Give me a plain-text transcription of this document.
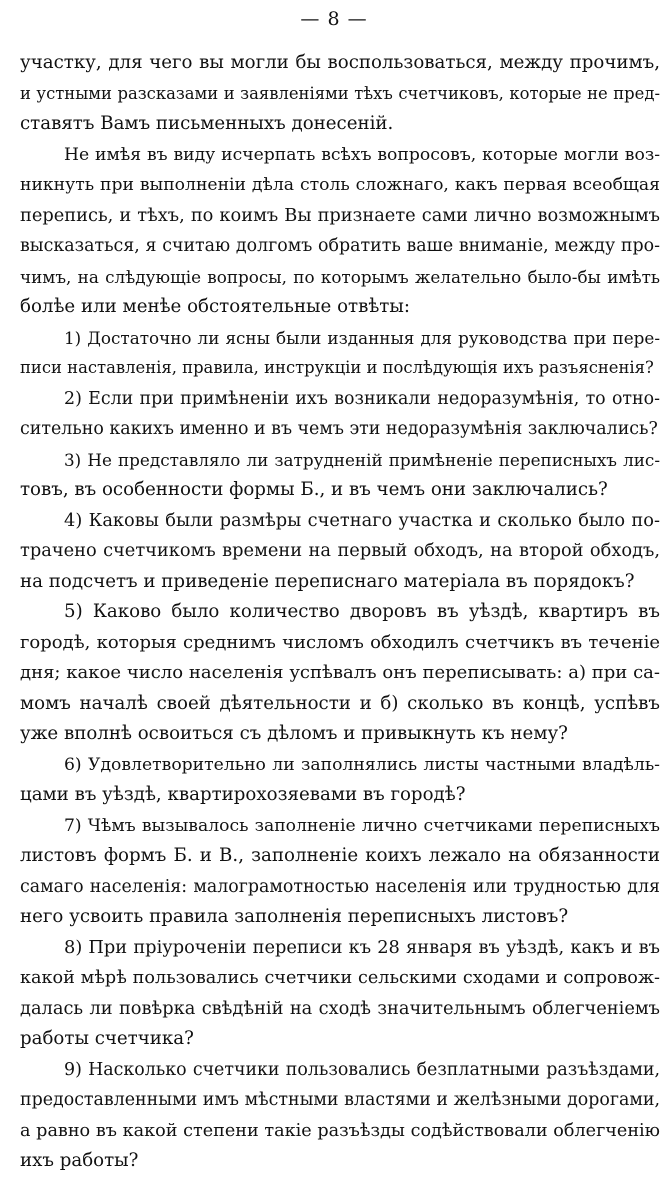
— 8 —
участку, для чего вы могли бы воспользоваться, между прочимъ,
и устными разсказами и заявленiями тѣхъ счетчиковъ, которые не пред-
ставятъ Вамъ письменныхъ донесенiй.
Не имѣя въ виду исчерпать всѣхъ вопросовъ, которые могли воз-
никнуть при выполненiи дѣла столь сложнаго, какъ первая всеобщая
перепись, и тѣхъ, по коимъ Вы признаете сами лично возможнымъ
высказаться, я считаю долгомъ обратить ваше вниманiе, между про-
чимъ, на слѣдующiе вопросы, по которымъ желательно было-бы имѣть
болѣе или менѣе обстоятельные отвѣты:
1) Достаточно ли ясны были изданныя для руководства при пере-
писи наставленiя, правила, инструкцiи и послѣдующiя ихъ разъясненiя?
2) Если при примѣненiи ихъ возникали недоразумѣнiя, то отно-
сительно какихъ именно и въ чемъ эти недоразумѣнiя заключались?
3) Не представляло ли затрудненiй примѣненiе переписныхъ лис-
товъ, въ особенности формы Б., и въ чемъ они заключались?
4) Каковы были размѣры счетнаго участка и сколько было по-
трачено счетчикомъ времени на первый обходъ, на второй обходъ,
на подсчетъ и приведенiе переписнаго матерiала въ порядокъ?
5) Каково было количество дворовъ въ уѣздѣ, квартиръ въ
городѣ, которыя среднимъ числомъ обходилъ счетчикъ въ теченiе
дня; какое число населенiя успѣвалъ онъ переписывать: а) при са-
момъ началѣ своей дѣятельности и б) сколько въ концѣ, успѣвъ
уже вполнѣ освоиться съ дѣломъ и привыкнуть къ нему?
6) Удовлетворительно ли заполнялись листы частными владѣль-
цами въ уѣздѣ, квартирохозяевами въ городѣ?
7) Чѣмъ вызывалось заполненiе лично счетчиками переписныхъ
листовъ формъ Б. и В., заполненiе коихъ лежало на обязанности
самаго населенiя: малограмотностью населенiя или трудностью для
него усвоить правила заполненiя переписныхъ листовъ?
8) При прiуроченiи переписи къ 28 января въ уѣздѣ, какъ и въ
какой мѣрѣ пользовались счетчики сельскими сходами и сопровож-
далась ли повѣрка свѣдѣнiй на сходѣ значительнымъ облегченiемъ
работы счетчика?
9) Насколько счетчики пользовались безплатными разъѣздами,
предоставленными имъ мѣстными властями и желѣзными дорогами,
а равно въ какой степени такiе разъѣзды содѣйствовали облегченiю
ихъ работы?
